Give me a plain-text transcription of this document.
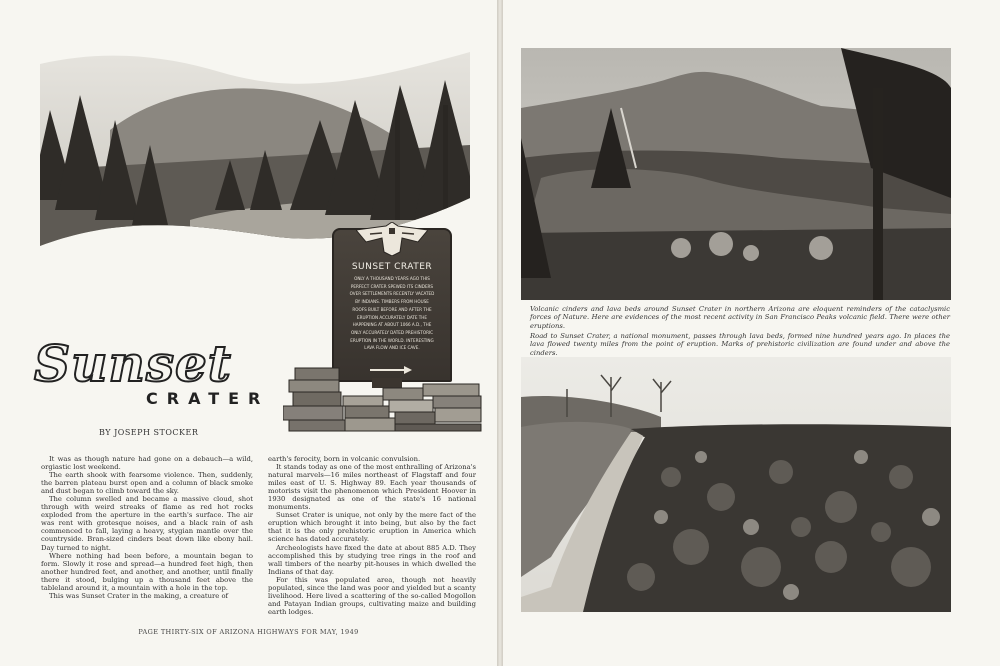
SUNSET CRATER
ONLY A THOUSAND YEARS AGO THIS
PERFECT CRATER SPEWED ITS CINDERS
OVER SETTLEMENTS RECENTLY VACATED
BY INDIANS. TIMBERS FROM HOUSE
ROOFS BUILT BEFORE AND AFTER THE
ERUPTION ACCURATELY DATE THE
HAPPENING AT ABOUT 1066 A.D., THE
ONLY ACCURATELY DATED PREHISTORIC
ERUPTION IN THE WORLD. INTERESTING
LAVA FLOW AND ICE CAVE.
Sunset
CRATER
BY JOSEPH STOCKER

It was as though nature had gone on a debauch—a wild, orgiastic lost weekend.

The earth shook with fearsome violence. Then, suddenly, the barren plateau burst open and a column of black smoke and dust began to climb toward the sky.

The column swelled and became a massive cloud, shot through with weird streaks of flame as red hot rocks exploded from the aperture in the earth's surface. The air was rent with grotesque noises, and a black rain of ash commenced to fall, laying a heavy, stygian mantle over the countryside. Bran-sized cinders beat down like ebony hail. Day turned to night.

Where nothing had been before, a mountain began to form. Slowly it rose and spread—a hundred feet high, then another hundred feet, and another, and another, until finally there it stood, bulging up a thousand feet above the tableland around it, a mountain with a hole in the top.

This was Sunset Crater in the making, a creature of

earth's ferocity, born in volcanic convulsion.

It stands today as one of the most enthralling of Arizona's natural marvels—16 miles northeast of Flagstaff and four miles east of U. S. Highway 89. Each year thousands of motorists visit the phenomenon which President Hoover in 1930 designated as one of the state's 16 national monuments.

Sunset Crater is unique, not only by the mere fact of the eruption which brought it into being, but also by the fact that it is the only prehistoric eruption in America which science has dated accurately.

Archeologists have fixed the date at about 885 A.D. They accomplished this by studying tree rings in the roof and wall timbers of the nearby pit-houses in which dwelled the Indians of that day.

For this was populated area, though not heavily populated, since the land was poor and yielded but a scanty livelihood. Here lived a scattering of the so-called Mogollon and Patayan Indian groups, cultivating maize and building earth lodges.

PAGE THIRTY-SIX OF ARIZONA HIGHWAYS FOR MAY, 1949
Volcanic cinders and lava beds around Sunset Crater in northern Arizona are eloquent reminders of the cataclysmic forces of Nature. Here are evidences of the most recent activity in San Francisco Peaks volcanic field. There were other eruptions.
Road to Sunset Crater, a national monument, passes through lava beds, formed nine hundred years ago. In places the lava flowed twenty miles from the point of eruption. Marks of prehistoric civilization are found under and above the cinders.
